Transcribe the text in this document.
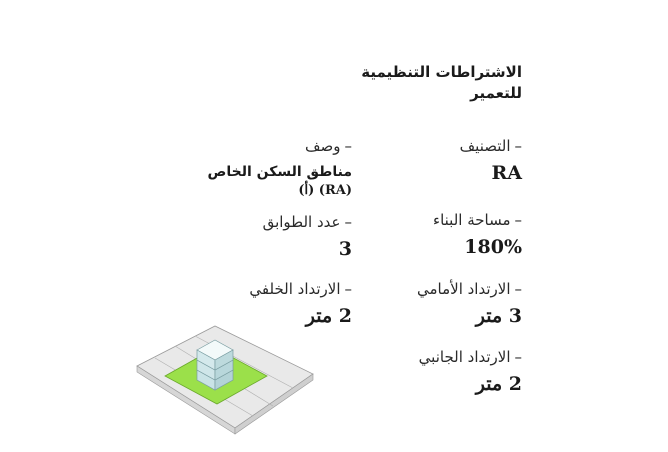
الاشتراطات التنظيمية
للتعمير
–التصنيف
RA
–مساحة البناء
180%
–الارتداد الأمامي
3 متر
–الارتداد الجانبي
2 متر
–وصف
مناطق السكن الخاص
(RA) (أ)
–عدد الطوابق
3
–الارتداد الخلفي
2 متر
